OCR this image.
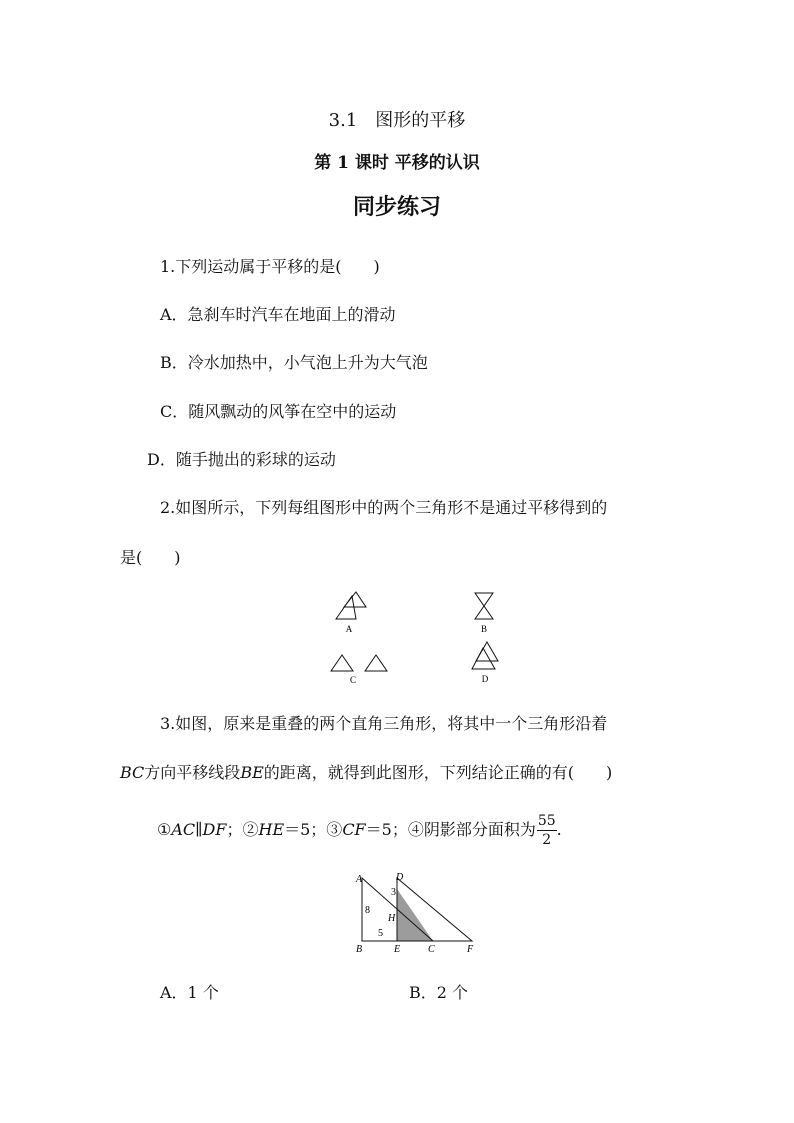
3.1　图形的平移
第 1 课时 平移的认识
同步练习
1.下列运动属于平移的是(　　)
A．急刹车时汽车在地面上的滑动
B．冷水加热中，小气泡上升为大气泡
C．随风飘动的风筝在空中的运动
D．随手抛出的彩球的运动
2.如图所示，下列每组图形中的两个三角形不是通过平移得到的
是(　　)
A	B
C	D
3.如图，原来是重叠的两个直角三角形，将其中一个三角形沿着
BC方向平移线段BE的距离，就得到此图形，下列结论正确的有(　　)
①AC∥DF；②HE＝5；③CF＝5；④阴影部分面积为 $\frac{55}{2}$ .
A
B	E	C	F
D
H
8
3
5
A．1 个	B．2 个
